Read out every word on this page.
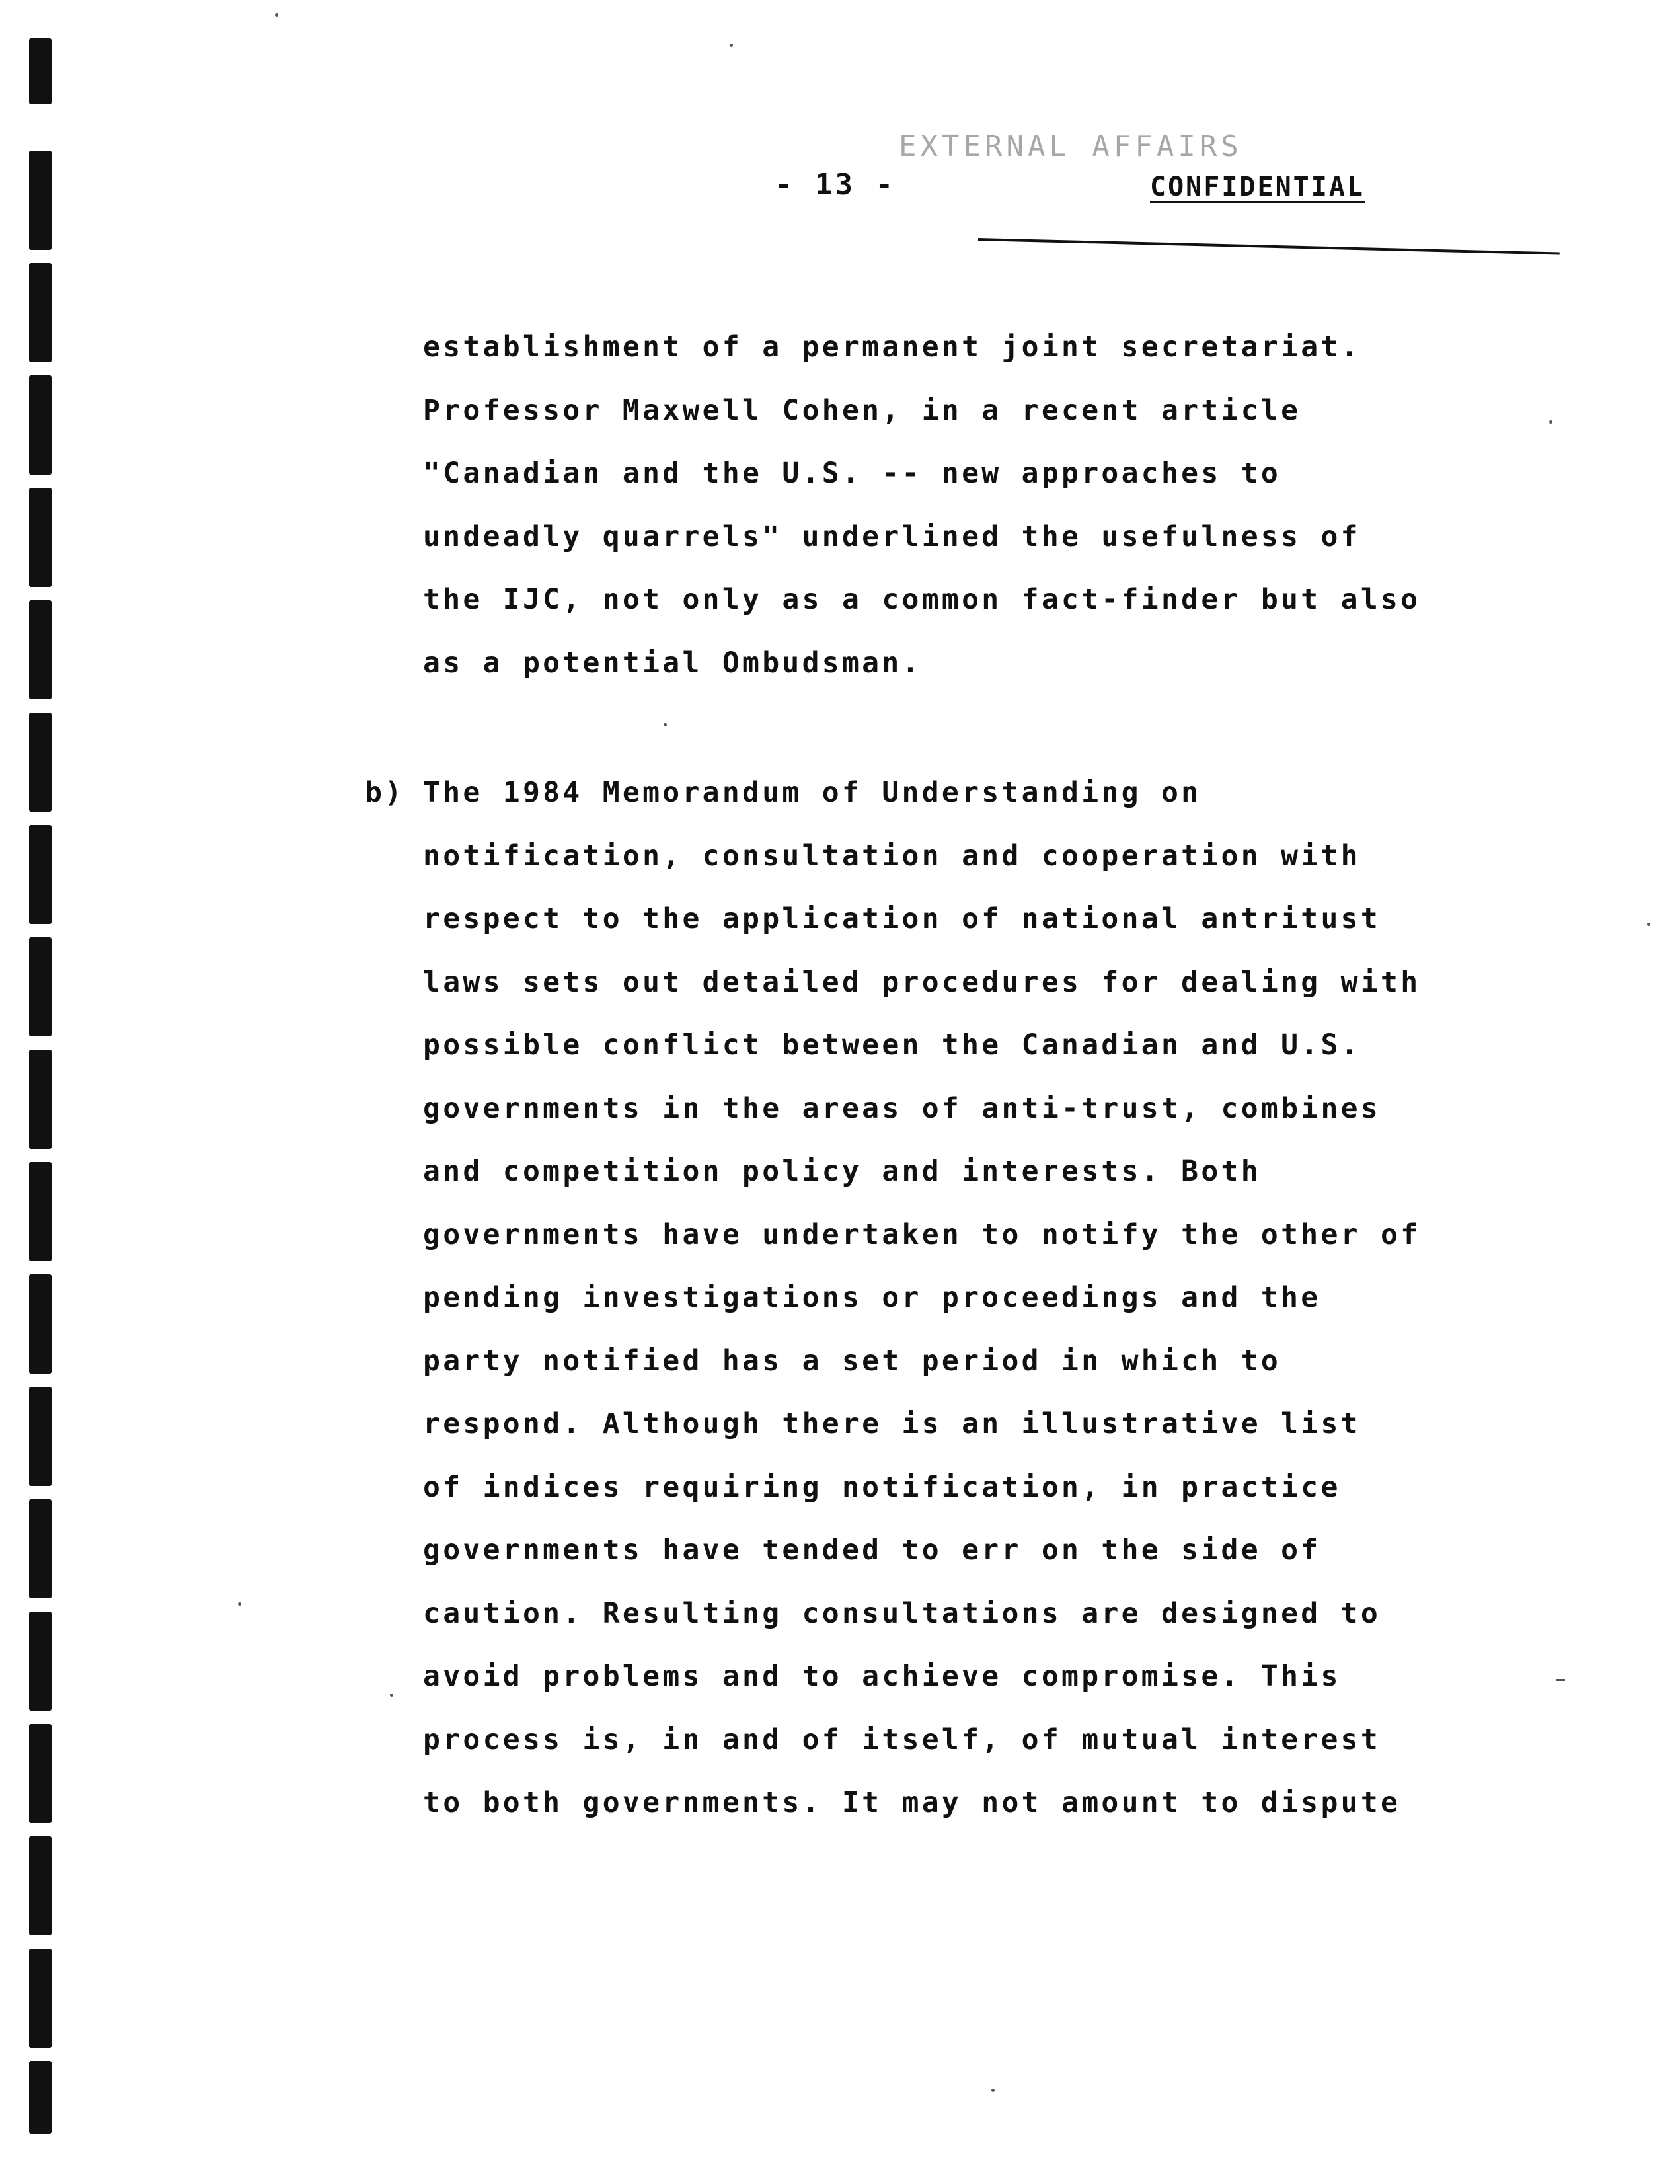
EXTERNAL AFFAIRS
- 13 -	CONFIDENTIAL
establishment of a permanent joint secretariat.
Professor Maxwell Cohen, in a recent article
"Canadian and the U.S. -- new approaches to
undeadly quarrels" underlined the usefulness of
the IJC, not only as a common fact-finder but also
as a potential Ombudsman.
b) The 1984 Memorandum of Understanding on
notification, consultation and cooperation with
respect to the application of national antritust
laws sets out detailed procedures for dealing with
possible conflict between the Canadian and U.S.
governments in the areas of anti-trust, combines
and competition policy and interests. Both
governments have undertaken to notify the other of
pending investigations or proceedings and the
party notified has a set period in which to
respond. Although there is an illustrative list
of indices requiring notification, in practice
governments have tended to err on the side of
caution. Resulting consultations are designed to
avoid problems and to achieve compromise. This
process is, in and of itself, of mutual interest
to both governments. It may not amount to dispute
